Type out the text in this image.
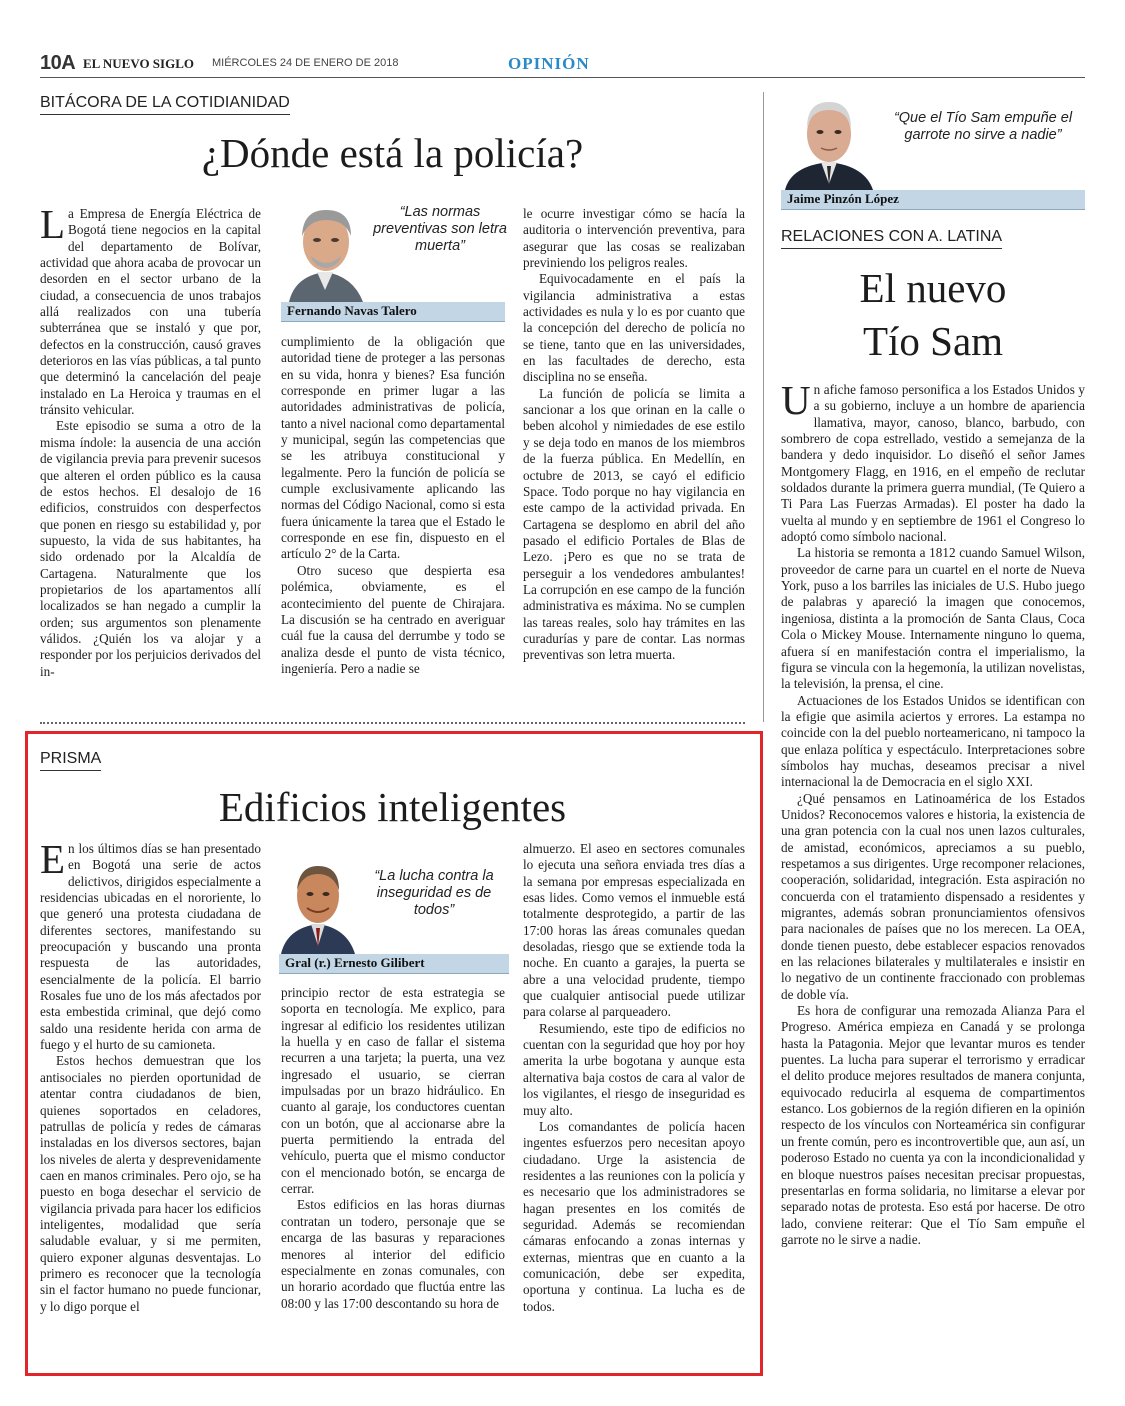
10A EL NUEVO SIGLO MIÉRCOLES 24 DE ENERO DE 2018	OPINIÓN
BITÁCORA DE LA COTIDIANIDAD
¿Dónde está la policía?

La Empresa de Energía Eléctrica de Bogotá tiene negocios en la capital del departamento de Bolívar, actividad que ahora acaba de provocar un desorden en el sector urbano de la ciudad, a consecuencia de unos trabajos allá realizados con una tubería subterránea que se instaló y que por, defectos en la construcción, causó graves deterioros en las vías públicas, a tal punto que determinó la cancelación del peaje instalado en La Heroica y traumas en el tránsito vehicular.

Este episodio se suma a otro de la misma índole: la ausencia de una acción de vigilancia previa para prevenir sucesos que alteren el orden público es la causa de estos hechos. El desalojo de 16 edificios, construidos con desperfectos que ponen en riesgo su estabilidad y, por supuesto, la vida de sus habitantes, ha sido ordenado por la Alcaldía de Cartagena. Naturalmente que los propietarios de los apartamentos allí localizados se han negado a cumplir la orden; sus argumentos son plenamente válidos. ¿Quién los va alojar y a responder por los perjuicios derivados del in-

“Las normas preventivas son letra muerta”
Fernando Navas Talero

cumplimiento de la obligación que autoridad tiene de proteger a las personas en su vida, honra y bienes? Esa función corresponde en primer lugar a las autoridades administrativas de policía, tanto a nivel nacional como departamental y municipal, según las competencias que se les atribuya constitucional y legalmente. Pero la función de policía se cumple exclusivamente aplicando las normas del Código Nacional, como si esta fuera únicamente la tarea que el Estado le corresponde en ese fin, dispuesto en el artículo 2° de la Carta.

Otro suceso que despierta esa polémica, obviamente, es el acontecimiento del puente de Chirajara. La discusión se ha centrado en averiguar cuál fue la causa del derrumbe y todo se analiza desde el punto de vista técnico, ingeniería. Pero a nadie se

le ocurre investigar cómo se hacía la auditoria o intervención preventiva, para asegurar que las cosas se realizaban previniendo los peligros reales.

Equivocadamente en el país la vigilancia administrativa a estas actividades es nula y lo es por cuanto que la concepción del derecho de policía no se tiene, tanto que en las universidades, en las facultades de derecho, esta disciplina no se enseña.

La función de policía se limita a sancionar a los que orinan en la calle o beben alcohol y nimiedades de ese estilo y se deja todo en manos de los miembros de la fuerza pública. En Medellín, en octubre de 2013, se cayó el edificio Space. Todo porque no hay vigilancia en este campo de la actividad privada. En Cartagena se desplomo en abril del año pasado el edificio Portales de Blas de Lezo. ¡Pero es que no se trata de perseguir a los vendedores ambulantes! La corrupción en ese campo de la función administrativa es máxima. No se cumplen las tareas reales, solo hay trámites en las curadurías y pare de contar. Las normas preventivas son letra muerta.

PRISMA
Edificios inteligentes

En los últimos días se han presentado en Bogotá una serie de actos delictivos, dirigidos especialmente a residencias ubicadas en el nororiente, lo que generó una protesta ciudadana de diferentes sectores, manifestando su preocupación y buscando una pronta respuesta de las autoridades, esencialmente de la policía. El barrio Rosales fue uno de los más afectados por esta embestida criminal, que dejó como saldo una residente herida con arma de fuego y el hurto de su camioneta.

Estos hechos demuestran que los antisociales no pierden oportunidad de atentar contra ciudadanos de bien, quienes soportados en celadores, patrullas de policía y redes de cámaras instaladas en los diversos sectores, bajan los niveles de alerta y desprevenidamente caen en manos criminales. Pero ojo, se ha puesto en boga desechar el servicio de vigilancia privada para hacer los edificios inteligentes, modalidad que sería saludable evaluar, y si me permiten, quiero exponer algunas desventajas. Lo primero es reconocer que la tecnología sin el factor humano no puede funcionar, y lo digo porque el

“La lucha contra la inseguridad es de todos”
Gral (r.) Ernesto Gilibert

principio rector de esta estrategia se soporta en tecnología. Me explico, para ingresar al edificio los residentes utilizan la huella y en caso de fallar el sistema recurren a una tarjeta; la puerta, una vez ingresado el usuario, se cierran impulsadas por un brazo hidráulico. En cuanto al garaje, los conductores cuentan con un botón, que al accionarse abre la puerta permitiendo la entrada del vehículo, puerta que el mismo conductor con el mencionado botón, se encarga de cerrar.

Estos edificios en las horas diurnas contratan un todero, personaje que se encarga de las basuras y reparaciones menores al interior del edificio especialmente en zonas comunales, con un horario acordado que fluctúa entre las 08:00 y las 17:00 descontando su hora de

almuerzo. El aseo en sectores comunales lo ejecuta una señora enviada tres días a la semana por empresas especializada en esas lides. Como vemos el inmueble está totalmente desprotegido, a partir de las 17:00 horas las áreas comunales quedan desoladas, riesgo que se extiende toda la noche. En cuanto a garajes, la puerta se abre a una velocidad prudente, tiempo que cualquier antisocial puede utilizar para colarse al parqueadero.

Resumiendo, este tipo de edificios no cuentan con la seguridad que hoy por hoy amerita la urbe bogotana y aunque esta alternativa baja costos de cara al valor de los vigilantes, el riesgo de inseguridad es muy alto.

Los comandantes de policía hacen ingentes esfuerzos pero necesitan apoyo ciudadano. Urge la asistencia de residentes a las reuniones con la policía y es necesario que los administradores se hagan presentes en los comités de seguridad. Además se recomiendan cámaras enfocando a zonas internas y externas, mientras que en cuanto a la comunicación, debe ser expedita, oportuna y continua. La lucha es de todos.

“Que el Tío Sam empuñe el garrote no sirve a nadie”
Jaime Pinzón López
RELACIONES CON A. LATINA
El nuevo
Tío Sam

Un afiche famoso personifica a los Estados Unidos y a su gobierno, incluye a un hombre de apariencia llamativa, mayor, canoso, blanco, barbudo, con sombrero de copa estrellado, vestido a semejanza de la bandera y dedo inquisidor. Lo diseñó el señor James Montgomery Flagg, en 1916, en el empeño de reclutar soldados durante la primera guerra mundial, (Te Quiero a Ti Para Las Fuerzas Armadas). El poster ha dado la vuelta al mundo y en septiembre de 1961 el Congreso lo adoptó como símbolo nacional.

La historia se remonta a 1812 cuando Samuel Wilson, proveedor de carne para un cuartel en el norte de Nueva York, puso a los barriles las iniciales de U.S. Hubo juego de palabras y apareció la imagen que conocemos, ingeniosa, distinta a la promoción de Santa Claus, Coca Cola o Mickey Mouse. Internamente ninguno lo quema, afuera sí en manifestación contra el imperialismo, la figura se vincula con la hegemonía, la utilizan novelistas, la televisión, la prensa, el cine.

Actuaciones de los Estados Unidos se identifican con la efigie que asimila aciertos y errores. La estampa no coincide con la del pueblo norteamericano, ni tampoco la que enlaza política y espectáculo. Interpretaciones sobre símbolos hay muchas, deseamos precisar a nivel internacional la de Democracia en el siglo XXI.

¿Qué pensamos en Latinoamérica de los Estados Unidos? Reconocemos valores e historia, la existencia de una gran potencia con la cual nos unen lazos culturales, de amistad, económicos, apreciamos a su pueblo, respetamos a sus dirigentes. Urge recomponer relaciones, cooperación, solidaridad, integración. Esta aspiración no concuerda con el tratamiento dispensado a residentes y migrantes, además sobran pronunciamientos ofensivos para nacionales de países que no los merecen. La OEA, donde tienen puesto, debe establecer espacios renovados en las relaciones bilaterales y multilaterales e insistir en lo negativo de un continente fraccionado con problemas de doble vía.

Es hora de configurar una remozada Alianza Para el Progreso. América empieza en Canadá y se prolonga hasta la Patagonia. Mejor que levantar muros es tender puentes. La lucha para superar el terrorismo y erradicar el delito produce mejores resultados de manera conjunta, equivocado reducirla al esquema de compartimentos estanco. Los gobiernos de la región difieren en la opinión respecto de los vínculos con Norteamérica sin configurar un frente común, pero es incontrovertible que, aun así, un poderoso Estado no cuenta ya con la incondicionalidad y en bloque nuestros países necesitan precisar propuestas, presentarlas en forma solidaria, no limitarse a elevar por separado notas de protesta. Eso está por hacerse. De otro lado, conviene reiterar: Que el Tío Sam empuñe el garrote no le sirve a nadie.
